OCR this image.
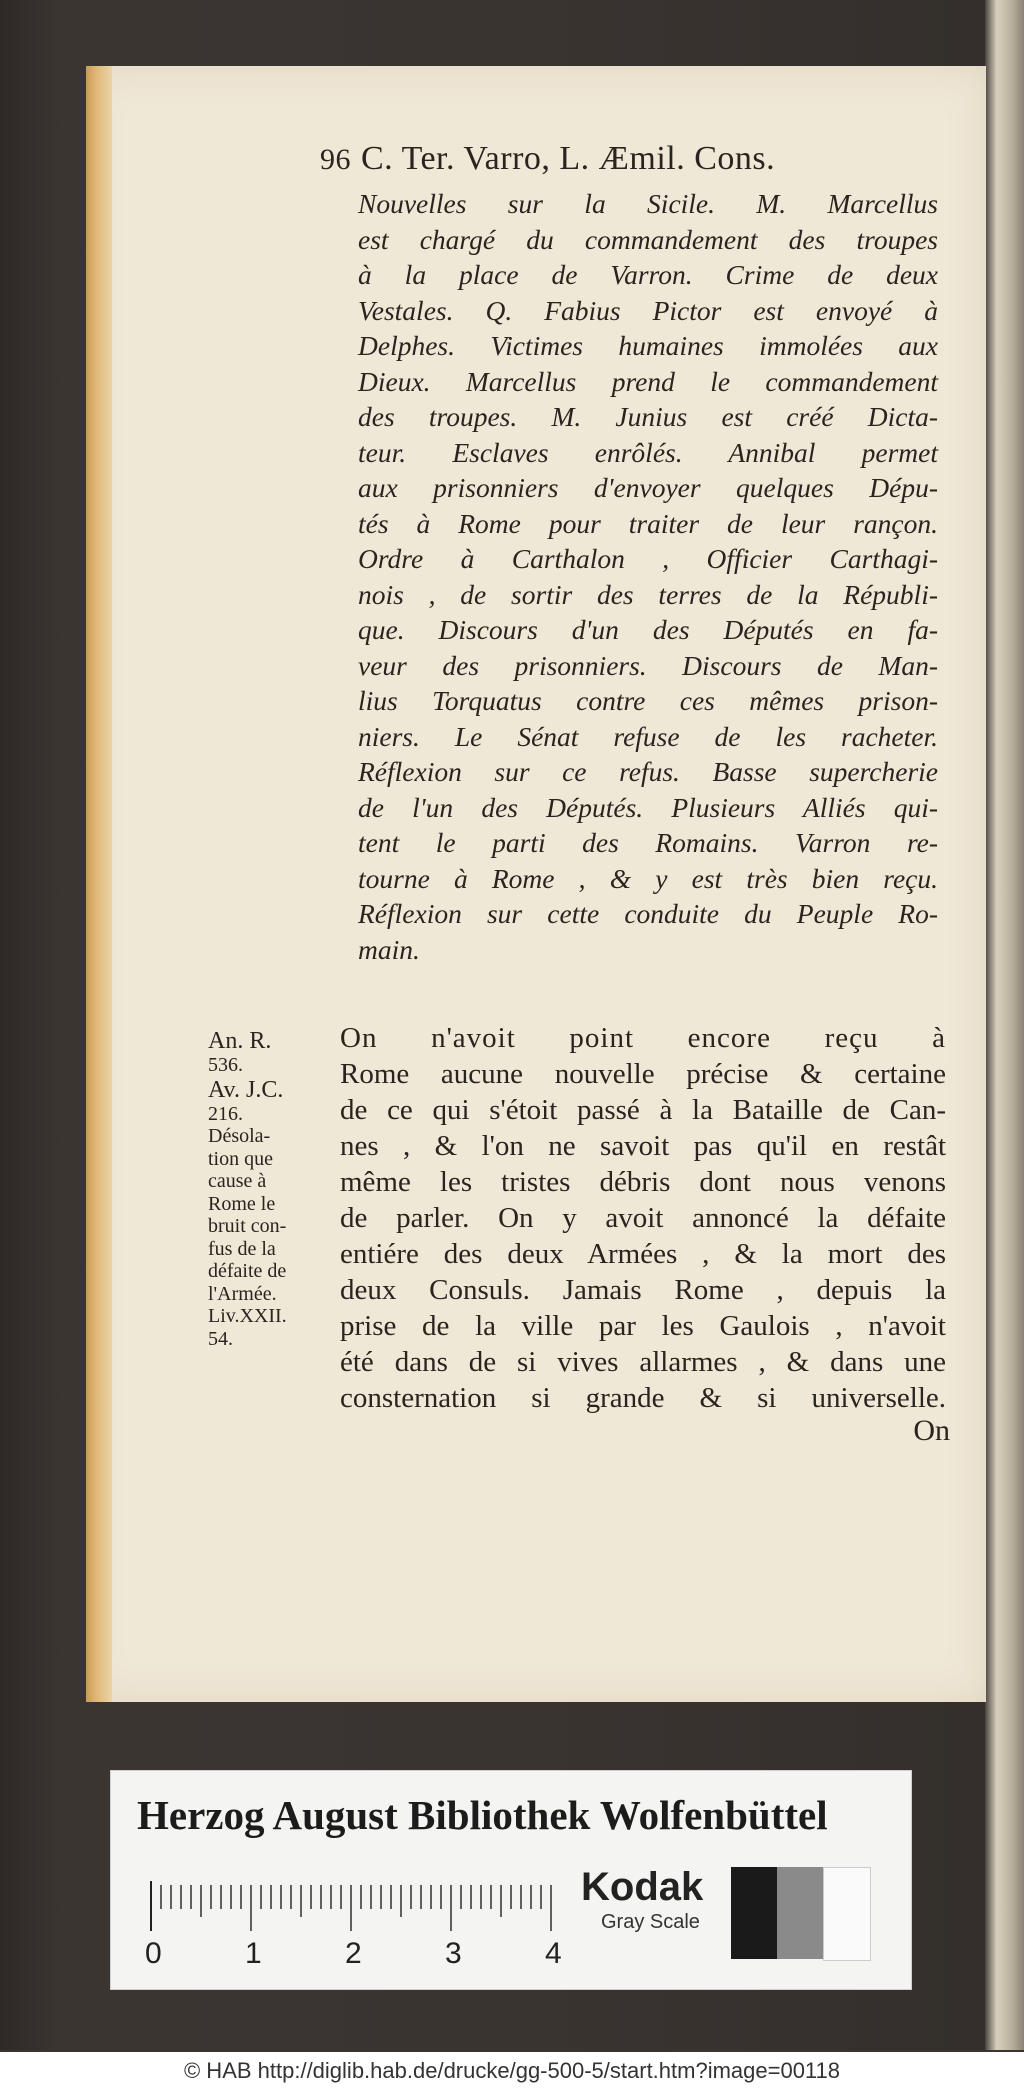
96 C. Ter. Varro, L. Æmil. Cons.
Nouvelles sur la Sicile. M. Marcellus
est chargé du commandement des troupes
à la place de Varron. Crime de deux
Vestales. Q. Fabius Pictor est envoyé à
Delphes. Victimes humaines immolées aux
Dieux. Marcellus prend le commandement
des troupes. M. Junius est créé Dicta-
teur. Esclaves enrôlés. Annibal permet
aux prisonniers d'envoyer quelques Dépu-
tés à Rome pour traiter de leur rançon.
Ordre à Carthalon , Officier Carthagi-
nois , de sortir des terres de la Républi-
que. Discours d'un des Députés en fa-
veur des prisonniers. Discours de Man-
lius Torquatus contre ces mêmes prison-
niers. Le Sénat refuse de les racheter.
Réflexion sur ce refus. Basse supercherie
de l'un des Députés. Plusieurs Alliés qui-
tent le parti des Romains. Varron re-
tourne à Rome , & y est très bien reçu.
Réflexion sur cette conduite du Peuple Ro-
main.
An. R.
536.
Av. J.C.
216.
Désola-
tion que
cause à
Rome le
bruit con-
fus de la
défaite de
l'Armée.
Liv.XXII.
54.
On n'avoit point encore reçu à
Rome aucune nouvelle précise & certaine
de ce qui s'étoit passé à la Bataille de Can-
nes , & l'on ne savoit pas qu'il en restât
même les tristes débris dont nous venons
de parler. On y avoit annoncé la défaite
entiére des deux Armées , & la mort des
deux Consuls. Jamais Rome , depuis la
prise de la ville par les Gaulois , n'avoit
été dans de si vives allarmes , & dans une
consternation si grande & si universelle.
On
Herzog August Bibliothek Wolfenbüttel
0	1	2	3	4
Kodak
Gray Scale
© HAB http://diglib.hab.de/drucke/gg-500-5/start.htm?image=00118
